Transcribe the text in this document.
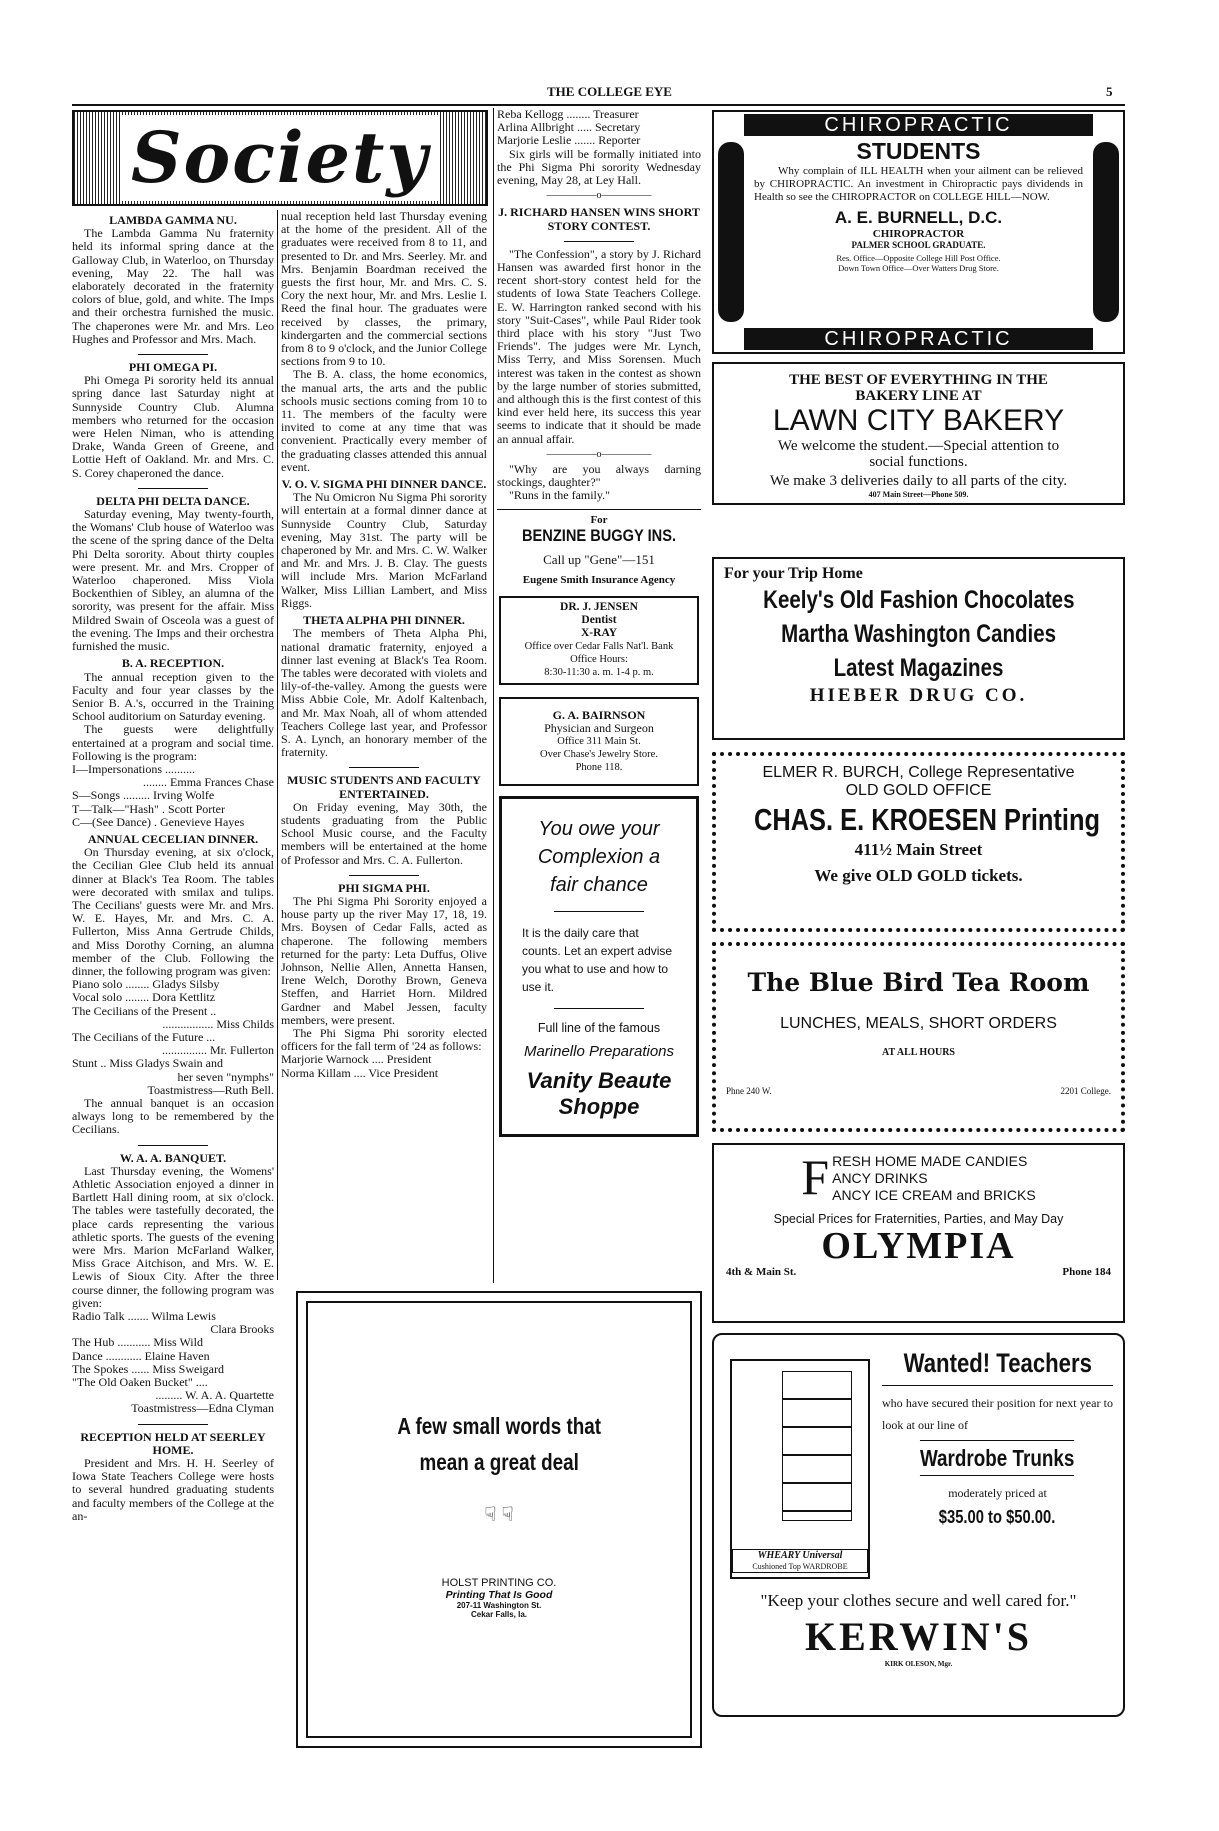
THE COLLEGE EYE	5
Society
LAMBDA GAMMA NU.
The Lambda Gamma Nu fraternity held its informal spring dance at the Galloway Club, in Waterloo, on Thursday evening, May 22. The hall was elaborately decorated in the fraternity colors of blue, gold, and white. The Imps and their orchestra furnished the music. The chaperones were Mr. and Mrs. Leo Hughes and Professor and Mrs. Mach.
PHI OMEGA PI.
Phi Omega Pi sorority held its annual spring dance last Saturday night at Sunnyside Country Club. Alumna members who returned for the occasion were Helen Niman, who is attending Drake, Wanda Green of Greene, and Lottie Heft of Oakland. Mr. and Mrs. C. S. Corey chaperoned the dance.
DELTA PHI DELTA DANCE.
Saturday evening, May twenty-fourth, the Womans' Club house of Waterloo was the scene of the spring dance of the Delta Phi Delta sorority. About thirty couples were present. Mr. and Mrs. Cropper of Waterloo chaperoned. Miss Viola Bockenthien of Sibley, an alumna of the sorority, was present for the affair. Miss Mildred Swain of Osceola was a guest of the evening. The Imps and their orchestra furnished the music.
B. A. RECEPTION.
The annual reception given to the Faculty and four year classes by the Senior B. A.'s, occurred in the Training School auditorium on Saturday evening.
The guests were delightfully entertained at a program and social time. Following is the program:
I—Impersonations ..........
........ Emma Frances Chase
S—Songs ......... Irving Wolfe
T—Talk—"Hash" . Scott Porter
C—(See Dance) . Genevieve Hayes
ANNUAL CECELIAN DINNER.
On Thursday evening, at six o'clock, the Cecilian Glee Club held its annual dinner at Black's Tea Room. The tables were decorated with smilax and tulips. The Cecilians' guests were Mr. and Mrs. W. E. Hayes, Mr. and Mrs. C. A. Fullerton, Miss Anna Gertrude Childs, and Miss Dorothy Corning, an alumna member of the Club. Following the dinner, the following program was given:
Piano solo ........ Gladys Silsby
Vocal solo ........ Dora Kettlitz
The Cecilians of the Present ..
................. Miss Childs
The Cecilians of the Future ...
............... Mr. Fullerton
Stunt .. Miss Gladys Swain and
her seven "nymphs"
Toastmistress—Ruth Bell.
The annual banquet is an occasion always long to be remembered by the Cecilians.
W. A. A. BANQUET.
Last Thursday evening, the Womens' Athletic Association enjoyed a dinner in Bartlett Hall dining room, at six o'clock. The tables were tastefully decorated, the place cards representing the various athletic sports. The guests of the evening were Mrs. Marion McFarland Walker, Miss Grace Aitchison, and Mrs. W. E. Lewis of Sioux City. After the three course dinner, the following program was given:
Radio Talk ....... Wilma Lewis
Clara Brooks
The Hub ........... Miss Wild
Dance ............ Elaine Haven
The Spokes ...... Miss Sweigard
"The Old Oaken Bucket" ....
......... W. A. A. Quartette
Toastmistress—Edna Clyman
RECEPTION HELD AT SEERLEY HOME.
President and Mrs. H. H. Seerley of Iowa State Teachers College were hosts to several hundred graduating students and faculty members of the College at the an-
nual reception held last Thursday evening at the home of the president. All of the graduates were received from 8 to 11, and presented to Dr. and Mrs. Seerley. Mr. and Mrs. Benjamin Boardman received the guests the first hour, Mr. and Mrs. C. S. Cory the next hour, Mr. and Mrs. Leslie I. Reed the final hour. The graduates were received by classes, the primary, kindergarten and the commercial sections from 8 to 9 o'clock, and the Junior College sections from 9 to 10.
The B. A. class, the home economics, the manual arts, the arts and the public schools music sections coming from 10 to 11. The members of the faculty were invited to come at any time that was convenient. Practically every member of the graduating classes attended this annual event.
V. O. V. SIGMA PHI DINNER DANCE.
The Nu Omicron Nu Sigma Phi sorority will entertain at a formal dinner dance at Sunnyside Country Club, Saturday evening, May 31st. The party will be chaperoned by Mr. and Mrs. C. W. Walker and Mr. and Mrs. J. B. Clay. The guests will include Mrs. Marion McFarland Walker, Miss Lillian Lambert, and Miss Riggs.
THETA ALPHA PHI DINNER.
The members of Theta Alpha Phi, national dramatic fraternity, enjoyed a dinner last evening at Black's Tea Room. The tables were decorated with violets and lily-of-the-valley. Among the guests were Miss Abbie Cole, Mr. Adolf Kaltenbach, and Mr. Max Noah, all of whom attended Teachers College last year, and Professor S. A. Lynch, an honorary member of the fraternity.
MUSIC STUDENTS AND FACULTY ENTERTAINED.
On Friday evening, May 30th, the students graduating from the Public School Music course, and the Faculty members will be entertained at the home of Professor and Mrs. C. A. Fullerton.
PHI SIGMA PHI.
The Phi Sigma Phi Sorority enjoyed a house party up the river May 17, 18, 19. Mrs. Boysen of Cedar Falls, acted as chaperone. The following members returned for the party: Leta Duffus, Olive Johnson, Nellie Allen, Annetta Hansen, Irene Welch, Dorothy Brown, Geneva Steffen, and Harriet Horn. Mildred Gardner and Mabel Jessen, faculty members, were present.
The Phi Sigma Phi sorority elected officers for the fall term of '24 as follows:
Marjorie Warnock .... President
Norma Killam .... Vice President
Reba Kellogg ........ Treasurer
Arlina Allbright ..... Secretary
Marjorie Leslie ....... Reporter
Six girls will be formally initiated into the Phi Sigma Phi sorority Wednesday evening, May 28, at Ley Hall.
—————o—————
J. RICHARD HANSEN WINS SHORT STORY CONTEST.
"The Confession", a story by J. Richard Hansen was awarded first honor in the recent short-story contest held for the students of Iowa State Teachers College. E. W. Harrington ranked second with his story "Suit-Cases", while Paul Rider took third place with his story "Just Two Friends". The judges were Mr. Lynch, Miss Terry, and Miss Sorensen. Much interest was taken in the contest as shown by the large number of stories submitted, and although this is the first contest of this kind ever held here, its success this year seems to indicate that it should be made an annual affair.
—————o—————
"Why are you always darning stockings, daughter?"
"Runs in the family."
For
BENZINE BUGGY INS.
Call up "Gene"—151
Eugene Smith Insurance Agency
DR. J. JENSEN
Dentist
X-RAY
Office over Cedar Falls Nat'l. Bank
Office Hours:
8:30-11:30 a. m. 1-4 p. m.
G. A. BAIRNSON
Physician and Surgeon
Office 311 Main St.
Over Chase's Jewelry Store.
Phone 118.
You owe your
Complexion a
fair chance
It is the daily care that counts. Let an expert advise you what to use and how to use it.
Full line of the famous
Marinello Preparations
Vanity Beaute
Shoppe
A few small words that
mean a great deal
☟ ☟
HOLST PRINTING CO.
Printing That Is Good
207-11 Washington St.
Cekar Falls, Ia.
CHIROPRACTIC
STUDENTS
Why complain of ILL HEALTH when your ailment can be relieved by CHIROPRACTIC. An investment in Chiropractic pays dividends in Health so see the CHIROPRACTOR on COLLEGE HILL—NOW.
A. E. BURNELL, D.C.
CHIROPRACTOR
PALMER SCHOOL GRADUATE.
Res. Office—Opposite College Hill Post Office.
Down Town Office—Over Watters Drug Store.
CHIROPRACTIC
THE BEST OF EVERYTHING IN THE
BAKERY LINE AT
LAWN CITY BAKERY
We welcome the student.—Special attention to social functions.
We make 3 deliveries daily to all parts of the city.
407 Main Street—Phone 509.
For your Trip Home
Keely's Old Fashion Chocolates
Martha Washington Candies
Latest Magazines
HIEBER DRUG CO.
ELMER R. BURCH, College Representative
OLD GOLD OFFICE
CHAS. E. KROESEN Printing
411½ Main Street
We give OLD GOLD tickets.
The Blue Bird Tea Room
LUNCHES, MEALS, SHORT ORDERS
AT ALL HOURS
Phne 240 W.	2201 College.
F RESH HOME MADE CANDIES
ANCY DRINKS
ANCY ICE CREAM and BRICKS
Special Prices for Fraternities, Parties, and May Day
OLYMPIA
4th & Main St.	Phone 184
WHEARY Universal
Cushioned Top WARDROBE
Wanted! Teachers
who have secured their position for next year to look at our line of
Wardrobe Trunks
moderately priced at
$35.00 to $50.00.
"Keep your clothes secure and well cared for."
KERWIN'S
KIRK OLESON, Mgr.
